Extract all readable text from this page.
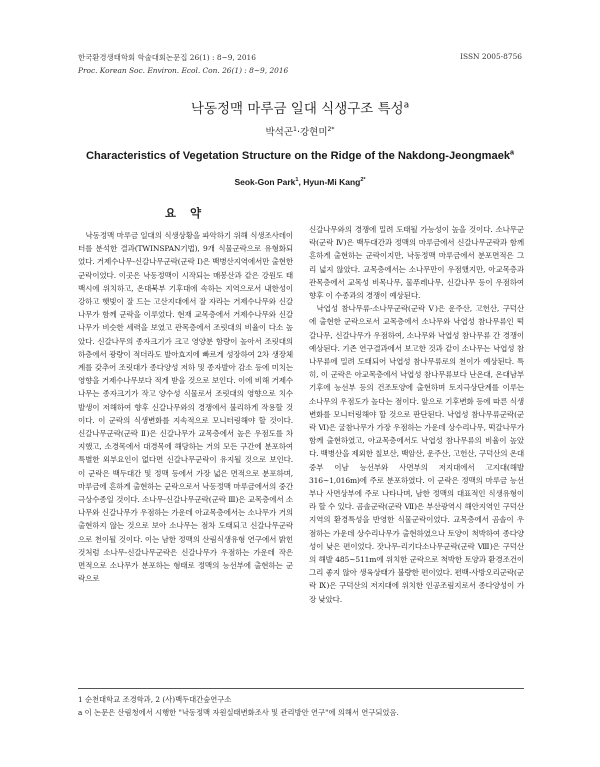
한국환경생태학회 학술대회논문집 26(1) : 8~9, 2016
Proc. Korean Soc. Environ. Ecol. Con. 26(1) : 8~9, 2016
ISSN 2005-8756
낙동정맥 마루금 일대 식생구조 특성$^a$
박석곤$^1$·강현미$^{2*}$
Characteristics of Vegetation Structure on the Ridge of the Nakdong-Jeongmaek$^a$
Seok-Gon Park$^1$, Hyun-Mi Kang$^{2*}$
요 약

낙동정맥 마루금 일대의 식생상황을 파악하기 위해 식생조사데이터를 분석한 결과(TWINSPAN기법), 9개 식물군락으로 유형화되었다. 거제수나무-신갈나무군락(군락 Ⅰ)은 백병산지역에서만 출현한 군락이었다. 이곳은 낙동정맥이 시작되는 매봉산과 같은 강원도 태백시에 위치하고, 온대북부 기후대에 속하는 지역으로서 내한성이 강하고 햇빛이 잘 드는 고산지대에서 잘 자라는 거제수나무와 신갈나무가 함께 군락을 이루었다. 현재 교목층에서 거제수나무와 신갈나무가 비슷한 세력을 보였고 관목층에서 조릿대의 비율이 다소 높았다. 신갈나무의 종자크기가 크고 영양분 함량이 높아서 조릿대의 하층에서 광량이 적더라도 발아효지에 빠르게 성장하여 2차 생장체계를 갖추어 조릿대가 종다양성 저하 및 종자발아 감소 등에 미치는 영향을 거제수나무보다 적게 받을 것으로 보인다. 이에 비해 거제수나무는 종자크기가 작고 양수성 식물로서 조릿대의 영향으로 치수발생이 저해하여 향후 신갈나무와의 경쟁에서 불리하게 작용할 것이다. 이 군락의 식생변화를 지속적으로 모니터링해야 할 것이다. 신갈나무군락(군락 Ⅱ)은 신갈나무가 교목층에서 높은 우점도를 차지했고, 소경목에서 대경목에 해당하는 거의 모든 구간에 분포하여 특별한 외부요인이 없다면 신갈나무군락이 유지될 것으로 보인다. 이 군락은 백두대간 및 정맥 등에서 가장 넓은 면적으로 분포하며, 마루금에 흔하게 출현하는 군락으로서 낙동정맥 마루금에서의 중간극상수종일 것이다. 소나무-신갈나무군락(군락 Ⅲ)은 교목층에서 소나무와 신갈나무가 우점하는 가운데 아교목층에서는 소나무가 거의 출현하지 않는 것으로 보아 소나무는 점차 도태되고 신갈나무군락으로 천이될 것이다. 이는 남한 정맥의 산림식생유형 연구에서 밝힌 것처럼 소나무-신갈나무군락은 신갈나무가 우점하는 가운데 작은 면적으로 소나무가 분포하는 형태로 정맥의 능선부에 출현하는 군락으로

신갈나무와의 경쟁에 밀려 도태될 가능성이 높을 것이다. 소나무군락(군락 Ⅳ)은 백두대간과 정맥의 마루금에서 신갈나무군락과 함께 흔하게 출현하는 군락이지만, 낙동정맥 마루금에서 분포면적은 그리 넓지 않았다. 교목층에서는 소나무만이 우점했지만, 아교목층과 관목층에서 교목성 비목나무, 물푸레나무, 신갈나무 등이 우점하여 향후 이 수종과의 경쟁이 예상된다.

낙엽성 참나무류-소나무군락(군락 Ⅴ)은 운주산, 고헌산, 구덕산에 출현한 군락으로서 교목층에서 소나무와 낙엽성 참나무류인 떡갈나무, 신갈나무가 우점하여, 소나무와 낙엽성 참나무류 간 경쟁이 예상된다. 기존 연구결과에서 보고한 것과 같이 소나무는 낙엽성 참나무류에 밀려 도태되어 낙엽성 참나무류로의 천이가 예상된다. 특히, 이 군락은 아교목층에서 낙엽성 참나무류보다 난온대, 온대남부 기후에 능선부 등의 건조토양에 출현하며 토지극상단계를 이루는 소나무의 우점도가 높다는 점이다. 앞으로 기후변화 등에 따른 식생변화를 모니터링해야 할 것으로 판단된다. 낙엽성 참나무류군락(군락 Ⅵ)은 굴참나무가 가장 우점하는 가운데 상수리나무, 떡갈나무가 함께 출현하였고, 아교목층에서도 낙엽성 참나무류의 비율이 높았다. 백병산을 제외한 칠보산, 백암산, 운주산, 고헌산, 구덕산의 온대 중부 이남 능선부와 사면부의 저지대에서 고지대(해발 316~1,016m)에 주로 분포하였다. 이 군락은 정맥의 마루금 능선부나 사면상부에 주로 나타나며, 남한 정맥의 대표적인 식생유형이라 할 수 있다. 곰솔군락(군락 Ⅶ)은 부산광역시 해안지역인 구덕산지역의 환경특성을 반영한 식물군락이었다. 교목층에서 곰솔이 우점하는 가운데 상수리나무가 출현하였으나 토양이 척박하여 종다양성이 낮은 편이었다. 잣나무-리기다소나무군락(군락 Ⅷ)은 구덕산의 해발 485~511m에 위치한 군락으로 척박한 토양과 환경조건이 그리 좋지 않아 생육상태가 불량한 편이었다. 편백-사방오리군락(군락 Ⅸ)은 구덕산의 저지대에 위치한 인공조림지로서 종다양성이 가장 낮았다.

1 순천대학교 조경학과, 2 (사)백두대간숲연구소
a 이 논문은 산림청에서 시행한 "낙동정맥 자원실태변화조사 및 관리방안 연구"에 의해서 연구되었음.
